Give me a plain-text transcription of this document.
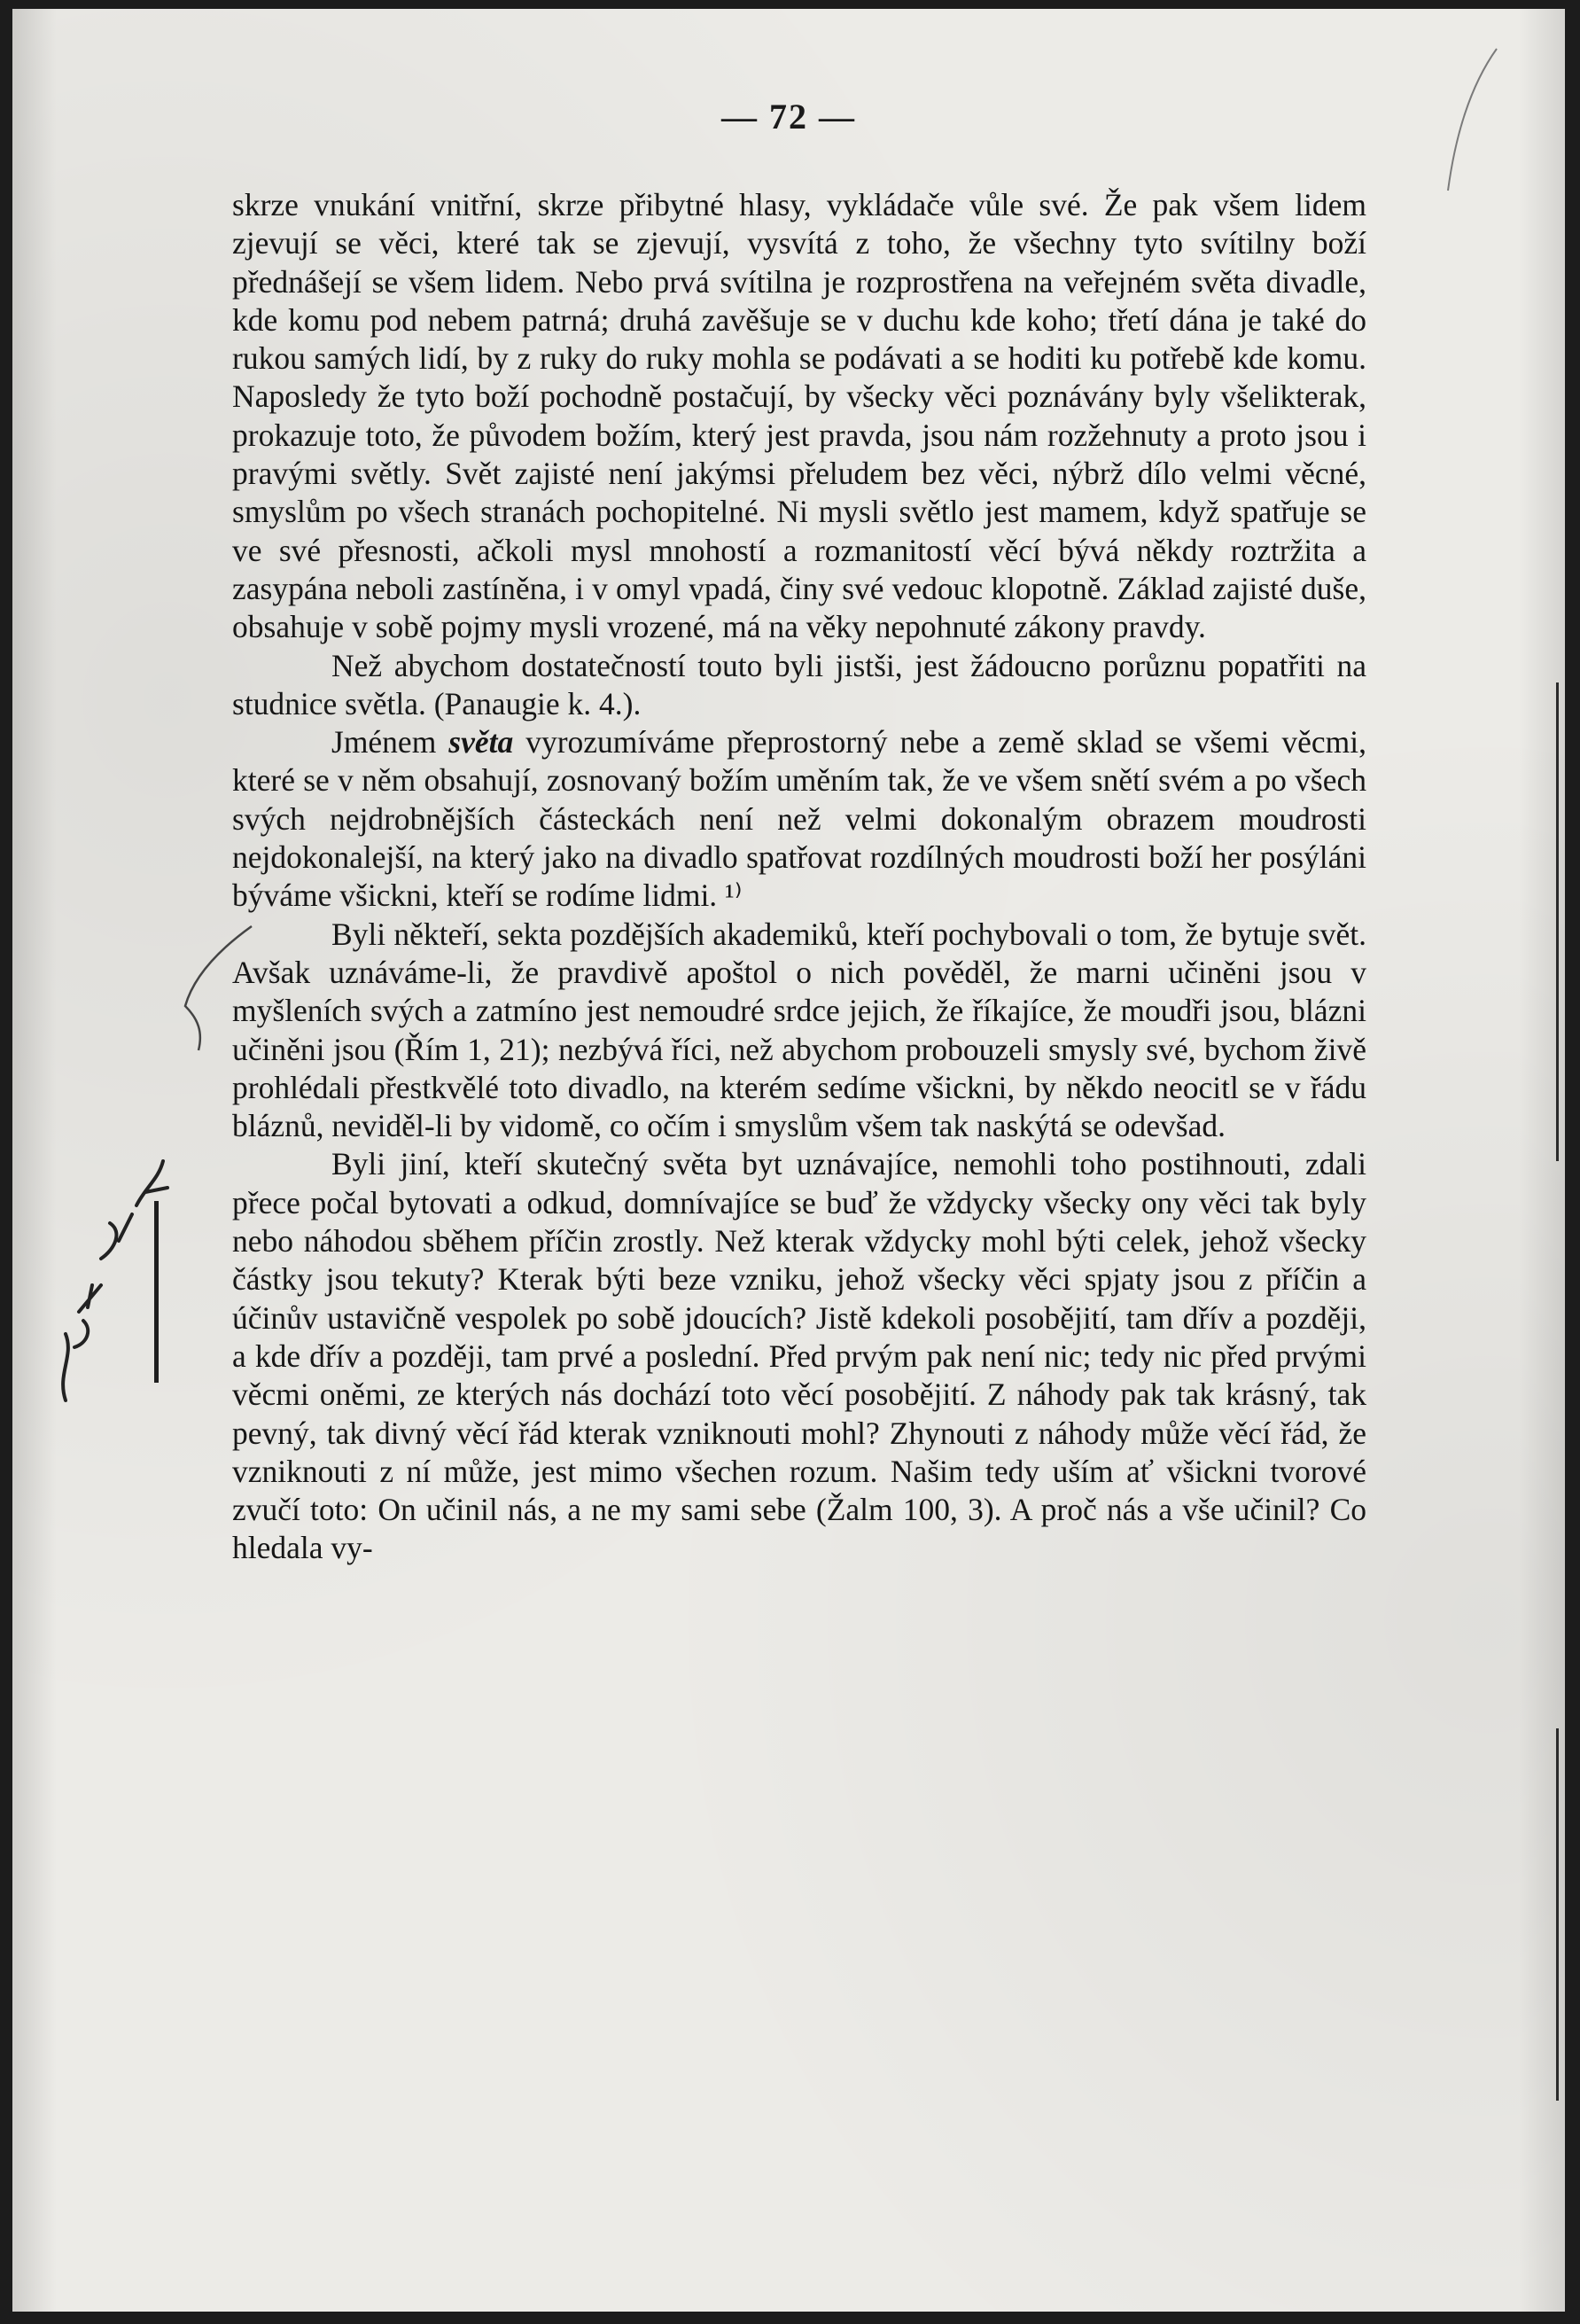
— 72 —

skrze vnukání vnitřní, skrze přibytné hlasy, vykládače vůle své. Že pak všem lidem zjevují se věci, které tak se zjevují, vysvítá z toho, že všechny tyto svítilny boží přednášejí se všem lidem. Nebo prvá svítilna je rozprostřena na veřejném světa divadle, kde komu pod nebem patrná; druhá zavěšuje se v duchu kde koho; třetí dána je také do rukou samých lidí, by z ruky do ruky mohla se podávati a se hoditi ku potřebě kde komu. Naposledy že tyto boží pochodně postačují, by všecky věci poznávány byly všelikterak, prokazuje toto, že původem božím, který jest pravda, jsou nám rozžehnuty a proto jsou i pravými světly. Svět zajisté není jakýmsi přeludem bez věci, nýbrž dílo velmi věcné, smyslům po všech stranách pochopitelné. Ni mysli světlo jest mamem, když spatřuje se ve své přesnosti, ačkoli mysl mnohostí a rozmanitostí věcí bývá někdy roztržita a zasypána neboli zastíněna, i v omyl vpadá, činy své vedouc klopotně. Základ zajisté duše, obsahuje v sobě pojmy mysli vrozené, má na věky nepohnuté zákony pravdy.

Než abychom dostatečností touto byli jistši, jest žádoucno porůznu popatřiti na studnice světla. (Panaugie k. 4.).

Jménem světa vyrozumíváme přeprostorný nebe a země sklad se všemi věcmi, které se v něm obsahují, zosnovaný božím uměním tak, že ve všem snětí svém a po všech svých nejdrobnějších částeckách není než velmi dokonalým obrazem moudrosti nejdokonalejší, na který jako na divadlo spatřovat rozdílných moudrosti boží her posýláni býváme všickni, kteří se rodíme lidmi. ¹⁾

Byli někteří, sekta pozdějších akademiků, kteří pochybovali o tom, že bytuje svět. Avšak uznáváme-li, že pravdivě apoštol o nich pověděl, že marni učiněni jsou v myšleních svých a zatmíno jest nemoudré srdce jejich, že říkajíce, že moudři jsou, blázni učiněni jsou (Řím 1, 21); nezbývá říci, než abychom probouzeli smysly své, bychom živě prohlédali přestkvělé toto divadlo, na kterém sedíme všickni, by někdo neocitl se v řádu bláznů, neviděl-li by vidomě, co očím i smyslům všem tak naskýtá se odevšad.

Byli jiní, kteří skutečný světa byt uznávajíce, nemohli toho postihnouti, zdali přece počal bytovati a odkud, domnívajíce se buď že vždycky všecky ony věci tak byly nebo náhodou sběhem příčin zrostly. Než kterak vždycky mohl býti celek, jehož všecky částky jsou tekuty? Kterak býti beze vzniku, jehož všecky věci spjaty jsou z příčin a účinův ustavičně vespolek po sobě jdoucích? Jistě kdekoli posobějití, tam dřív a později, a kde dřív a později, tam prvé a poslední. Před prvým pak není nic; tedy nic před prvými věcmi oněmi, ze kterých nás dochází toto věcí posobějití. Z náhody pak tak krásný, tak pevný, tak divný věcí řád kterak vzniknouti mohl? Zhynouti z náhody může věcí řád, že vzniknouti z ní může, jest mimo všechen rozum. Našim tedy uším ať všickni tvorové zvučí toto: On učinil nás, a ne my sami sebe (Žalm 100, 3). A proč nás a vše učinil? Co hledala vy-
